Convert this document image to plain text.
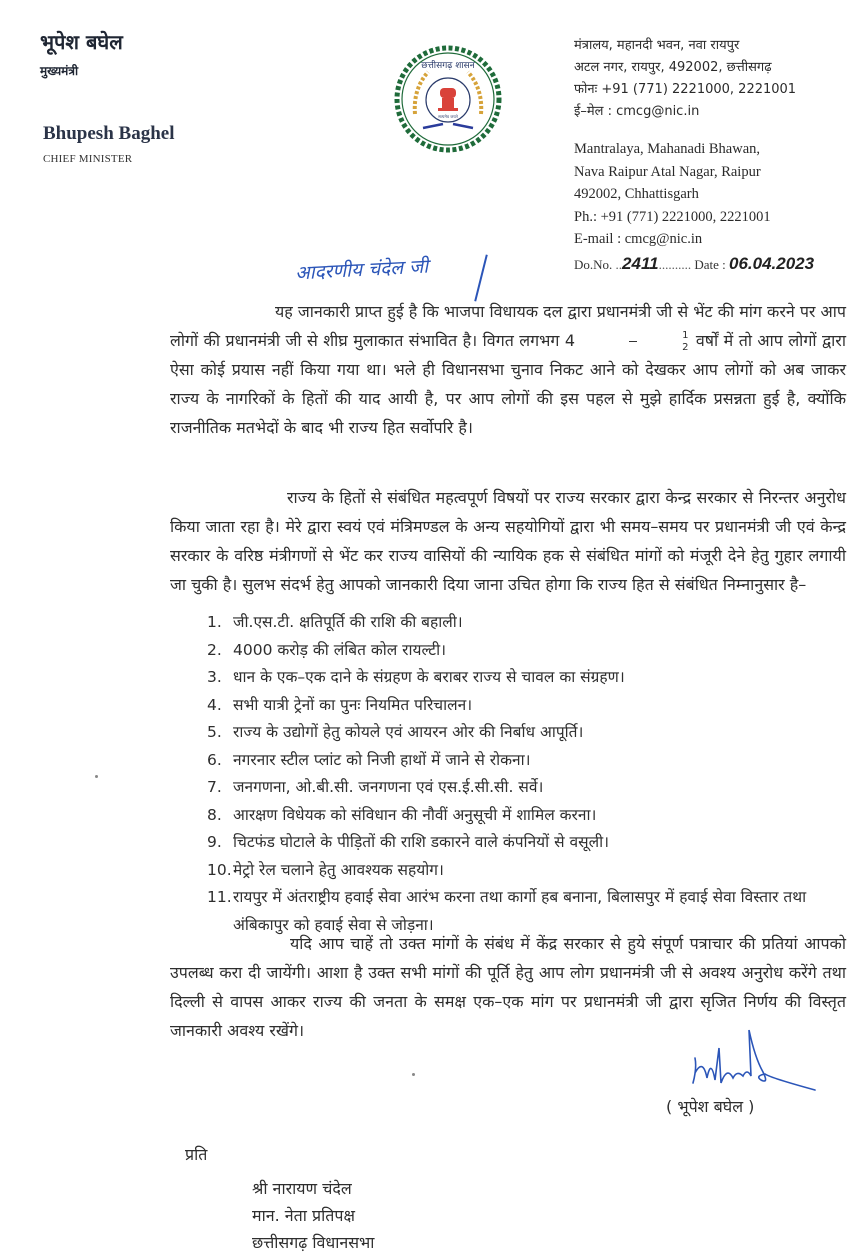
भूपेश बघेल
मुख्यमंत्री
Bhupesh Baghel
CHIEF MINISTER
छत्तीसगढ़ शासन
सत्यमेव जयते
मंत्रालय, महानदी भवन, नवा रायपुर
अटल नगर, रायपुर, 492002, छत्तीसगढ़
फोनः +91 (771) 2221000, 2221001
ई–मेल : cmcg@nic.in
Mantralaya, Mahanadi Bhawan,
Nava Raipur Atal Nagar, Raipur
492002, Chhattisgarh
Ph.: +91 (771) 2221000, 2221001
E-mail : cmcg@nic.in
Do.No. ..2411.......... Date : 06.04.2023
आदरणीय चंदेल जी
यह जानकारी प्राप्त हुई है कि भाजपा विधायक दल द्वारा प्रधानमंत्री जी से भेंट की मांग करने पर आप लोगों की प्रधानमंत्री जी से शीघ्र मुलाकात संभावित है। विगत लगभग $4 \frac{1}{2}$ वर्षों में तो आप लोगों द्वारा ऐसा कोई प्रयास नहीं किया गया था। भले ही विधानसभा चुनाव निकट आने को देखकर आप लोगों को अब जाकर राज्य के नागरिकों के हितों की याद आयी है, पर आप लोगों की इस पहल से मुझे हार्दिक प्रसन्नता हुई है, क्योंकि राजनीतिक मतभेदों के बाद भी राज्य हित सर्वोपरि है।
राज्य के हितों से संबंधित महत्वपूर्ण विषयों पर राज्य सरकार द्वारा केन्द्र सरकार से निरन्तर अनुरोध किया जाता रहा है। मेरे द्वारा स्वयं एवं मंत्रिमण्डल के अन्य सहयोगियों द्वारा भी समय–समय पर प्रधानमंत्री जी एवं केन्द्र सरकार के वरिष्ठ मंत्रीगणों से भेंट कर राज्य वासियों की न्यायिक हक से संबंधित मांगों को मंजूरी देने हेतु गुहार लगायी जा चुकी है। सुलभ संदर्भ हेतु आपको जानकारी दिया जाना उचित होगा कि राज्य हित से संबंधित निम्नानुसार है–
1. जी.एस.टी. क्षतिपूर्ति की राशि की बहाली।
2. 4000 करोड़ की लंबित कोल रायल्टी।
3. धान के एक–एक दाने के संग्रहण के बराबर राज्य से चावल का संग्रहण।
4. सभी यात्री ट्रेनों का पुनः नियमित परिचालन।
5. राज्य के उद्योगों हेतु कोयले एवं आयरन ओर की निर्बाध आपूर्ति।
6. नगरनार स्टील प्लांट को निजी हाथों में जाने से रोकना।
7. जनगणना, ओ.बी.सी. जनगणना एवं एस.ई.सी.सी. सर्वे।
8. आरक्षण विधेयक को संविधान की नौवीं अनुसूची में शामिल करना।
9. चिटफंड घोटाले के पीड़ितों की राशि डकारने वाले कंपनियों से वसूली।
10. मेट्रो रेल चलाने हेतु आवश्यक सहयोग।
11. रायपुर में अंतराष्ट्रीय हवाई सेवा आरंभ करना तथा कार्गो हब बनाना, बिलासपुर में हवाई सेवा विस्तार तथा अंबिकापुर को हवाई सेवा से जोड़ना।
यदि आप चाहें तो उक्त मांगों के संबंध में केंद्र सरकार से हुये संपूर्ण पत्राचार की प्रतियां आपको उपलब्ध करा दी जायेंगी। आशा है उक्त सभी मांगों की पूर्ति हेतु आप लोग प्रधानमंत्री जी से अवश्य अनुरोध करेंगे तथा दिल्ली से वापस आकर राज्य की जनता के समक्ष एक–एक मांग पर प्रधानमंत्री जी द्वारा सृजित निर्णय की विस्तृत जानकारी अवश्य रखेंगे।
( भूपेश बघेल )
प्रति
श्री नारायण चंदेल
मान. नेता प्रतिपक्ष
छत्तीसगढ़ विधानसभा
